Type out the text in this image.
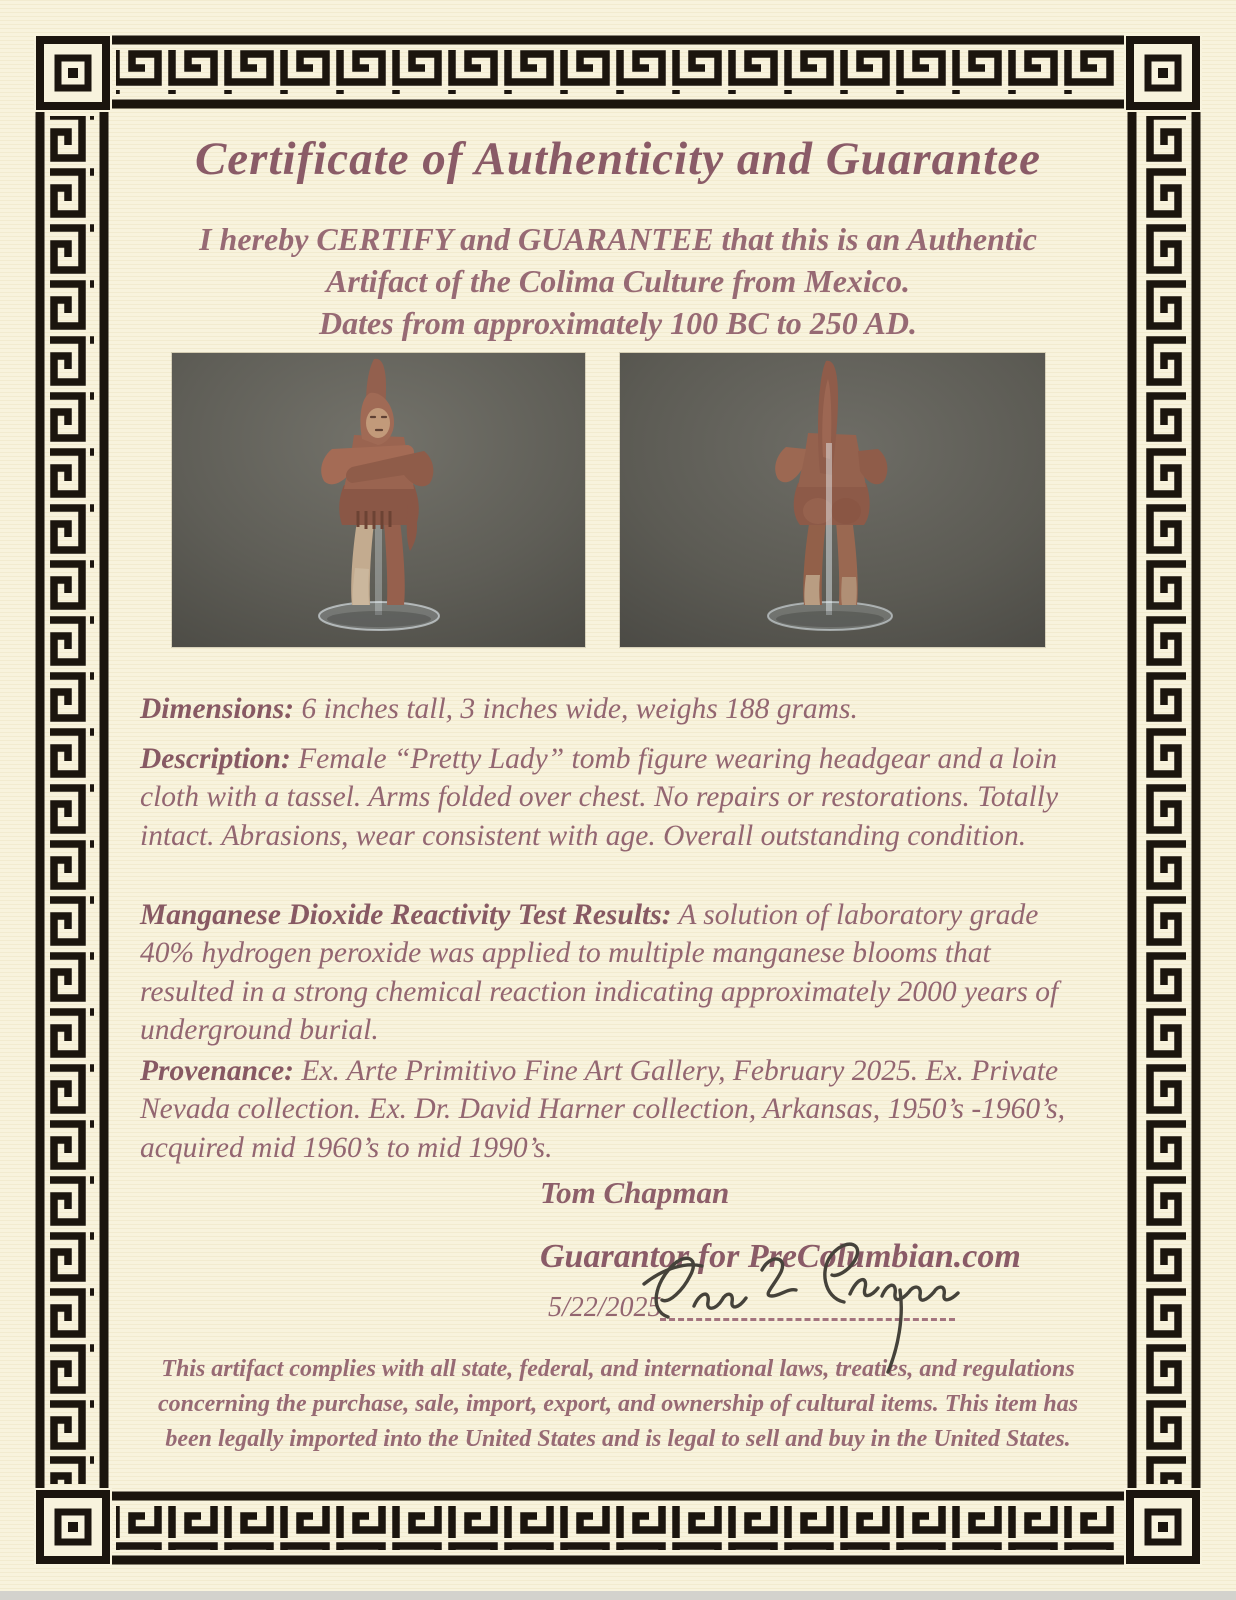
Certificate of Authenticity and Guarantee
I hereby CERTIFY and GUARANTEE that this is an Authentic
Artifact of the Colima Culture from Mexico.
Dates from approximately 100 BC to 250 AD.

Dimensions: 6 inches tall, 3 inches wide, weighs 188 grams.

Description: Female “Pretty Lady” tomb figure wearing headgear and a loin cloth with a tassel. Arms folded over chest. No repairs or restorations. Totally intact. Abrasions, wear consistent with age. Overall outstanding condition.

Manganese Dioxide Reactivity Test Results: A solution of laboratory grade 40% hydrogen peroxide was applied to multiple manganese blooms that resulted in a strong chemical reaction indicating approximately 2000 years of underground burial.

Provenance: Ex. Arte Primitivo Fine Art Gallery, February 2025. Ex. Private Nevada collection. Ex. Dr. David Harner collection, Arkansas, 1950’s -1960’s, acquired mid 1960’s to mid 1990’s.

Tom Chapman
Guarantor for PreColumbian.com
5/22/2025

This artifact complies with all state, federal, and international laws, treaties, and regulations concerning the purchase, sale, import, export, and ownership of cultural items. This item has been legally imported into the United States and is legal to sell and buy in the United States.
